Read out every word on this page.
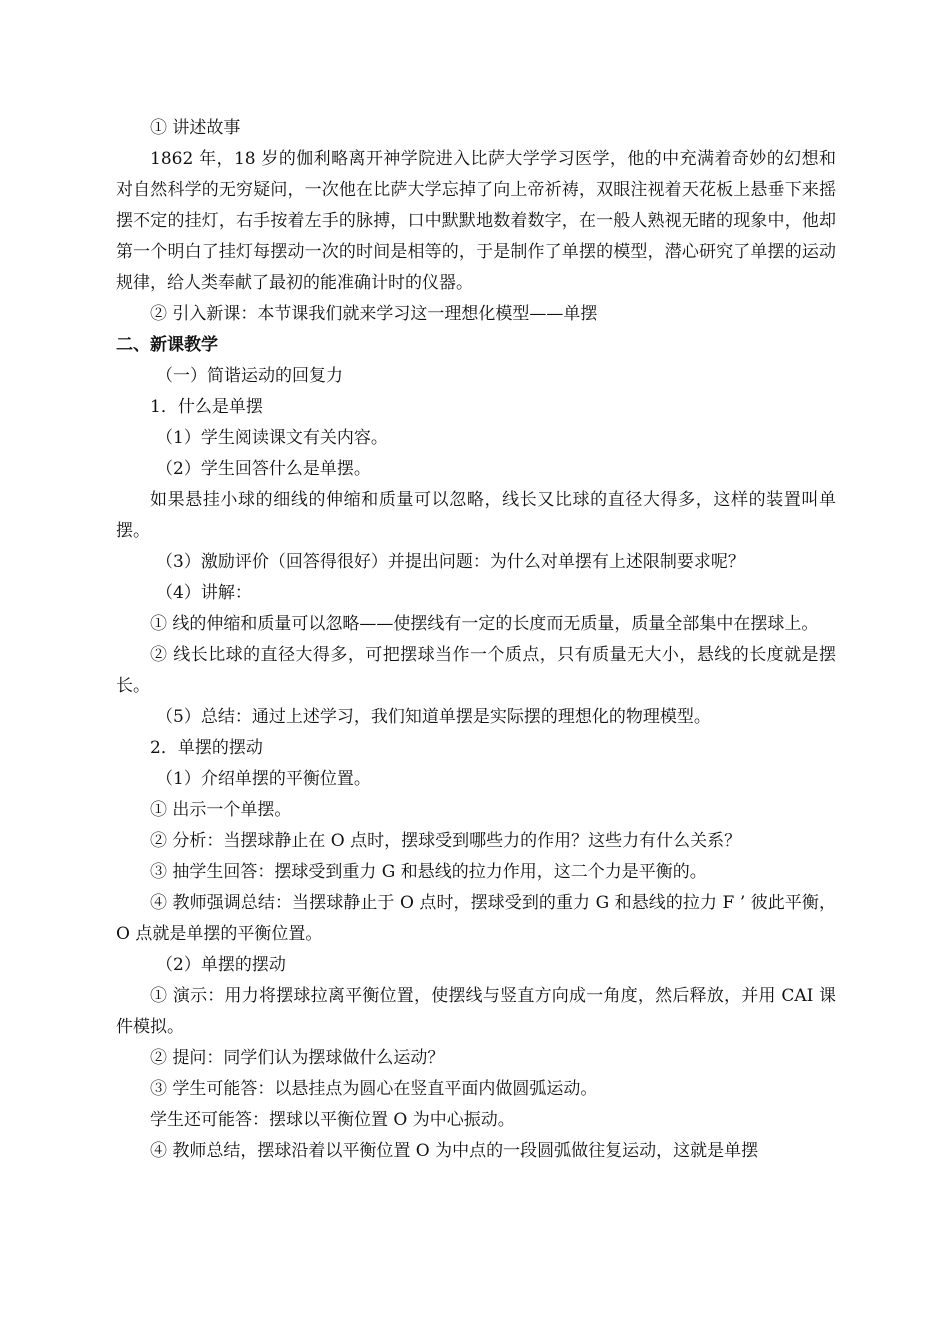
① 讲述故事

1862 年，18 岁的伽利略离开神学院进入比萨大学学习医学，他的中充满着奇妙的幻想和对自然科学的无穷疑问，一次他在比萨大学忘掉了向上帝祈祷，双眼注视着天花板上悬垂下来摇摆不定的挂灯，右手按着左手的脉搏，口中默默地数着数字，在一般人熟视无睹的现象中，他却第一个明白了挂灯每摆动一次的时间是相等的，于是制作了单摆的模型，潜心研究了单摆的运动规律，给人类奉献了最初的能准确计时的仪器。

② 引入新课：本节课我们就来学习这一理想化模型——单摆

二、新课教学

（一）简谐运动的回复力

1．什么是单摆

（1）学生阅读课文有关内容。

（2）学生回答什么是单摆。

如果悬挂小球的细线的伸缩和质量可以忽略，线长又比球的直径大得多，这样的装置叫单摆。

（3）激励评价（回答得很好）并提出问题：为什么对单摆有上述限制要求呢？

（4）讲解：

① 线的伸缩和质量可以忽略——使摆线有一定的长度而无质量，质量全部集中在摆球上。

② 线长比球的直径大得多，可把摆球当作一个质点，只有质量无大小，悬线的长度就是摆长。

（5）总结：通过上述学习，我们知道单摆是实际摆的理想化的物理模型。

2．单摆的摆动

（1）介绍单摆的平衡位置。

① 出示一个单摆。

② 分析：当摆球静止在 O 点时，摆球受到哪些力的作用？这些力有什么关系？

③ 抽学生回答：摆球受到重力 G 和悬线的拉力作用，这二个力是平衡的。

④ 教师强调总结：当摆球静止于 O 点时，摆球受到的重力 G 和悬线的拉力 F ’ 彼此平衡，O 点就是单摆的平衡位置。

（2）单摆的摆动

① 演示：用力将摆球拉离平衡位置，使摆线与竖直方向成一角度，然后释放，并用 CAI 课件模拟。

② 提问：同学们认为摆球做什么运动？

③ 学生可能答：以悬挂点为圆心在竖直平面内做圆弧运动。

学生还可能答：摆球以平衡位置 O 为中心振动。

④ 教师总结，摆球沿着以平衡位置 O 为中点的一段圆弧做往复运动，这就是单摆
